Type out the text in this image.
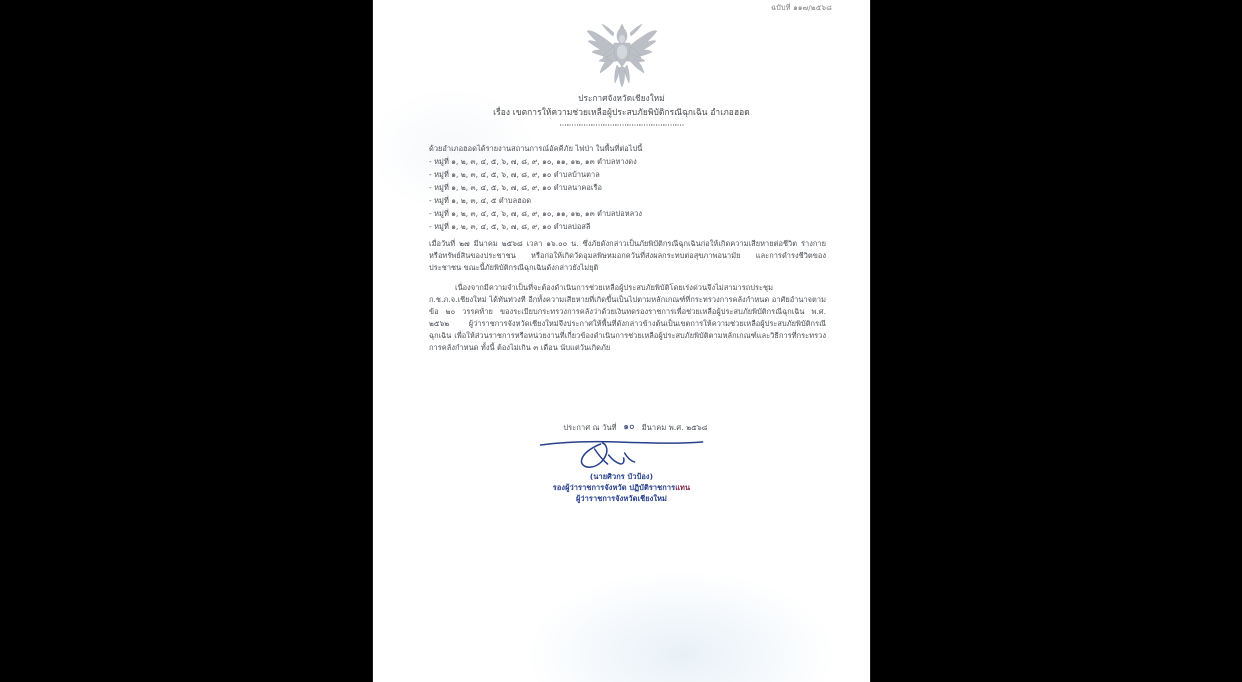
ฉบับที่ ๑๑๗/๒๕๖๘
ประกาศจังหวัดเชียงใหม่
เรื่อง เขตการให้ความช่วยเหลือผู้ประสบภัยพิบัติกรณีฉุกเฉิน อำเภอฮอด

ด้วยอำเภอฮอดได้รายงานสถานการณ์อัคคีภัย ไฟป่า ในพื้นที่ต่อไปนี้

- หมู่ที่ ๑, ๒, ๓, ๔, ๕, ๖, ๗, ๘, ๙, ๑๐, ๑๑, ๑๒, ๑๓ ตำบลหางดง
- หมู่ที่ ๑, ๒, ๓, ๔, ๕, ๖, ๗, ๘, ๙, ๑๐ ตำบลบ้านตาล
- หมู่ที่ ๑, ๒, ๓, ๔, ๕, ๖, ๗, ๘, ๙, ๑๐ ตำบลนาคอเรือ
- หมู่ที่ ๑, ๒, ๓, ๔, ๕ ตำบลฮอด
- หมู่ที่ ๑, ๒, ๓, ๔, ๕, ๖, ๗, ๘, ๙, ๑๐, ๑๑, ๑๒, ๑๓ ตำบลบ่อหลวง
- หมู่ที่ ๑, ๒, ๓, ๔, ๕, ๖, ๗, ๘, ๙, ๑๐ ตำบลบ่อสลี

เมื่อวันที่ ๒๗ มีนาคม ๒๕๖๘ เวลา ๑๖.๐๐ น. ซึ่งภัยดังกล่าวเป็นภัยพิบัติกรณีฉุกเฉินก่อให้เกิดความเสียหายต่อชีวิต ร่างกาย หรือทรัพย์สินของประชาชน หรือก่อให้เกิดวัดอุมลพิษหมอกควันที่ส่งผลกระทบต่อสุขภาพอนามัย และการดำรงชีวิตของประชาชน ขณะนี้ภัยพิบัติกรณีฉุกเฉินดังกล่าวยังไม่ยุติ

เนื่องจากมีความจำเป็นที่จะต้องดำเนินการช่วยเหลือผู้ประสบภัยพิบัติโดยเร่งด่วนจึงไม่สามารถประชุม ก.ช.ภ.จ.เชียงใหม่ ได้ทันท่วงที อีกทั้งความเสียหายที่เกิดขึ้นเป็นไปตามหลักเกณฑ์ที่กระทรวงการคลังกำหนด อาศัยอำนาจตามข้อ ๒๐ วรรคท้าย ของระเบียบกระทรวงการคลังว่าด้วยเงินทดรองราชการเพื่อช่วยเหลือผู้ประสบภัยพิบัติกรณีฉุกเฉิน พ.ศ. ๒๕๖๒ ผู้ว่าราชการจังหวัดเชียงใหม่จึงประกาศให้พื้นที่ดังกล่าวข้างต้นเป็นเขตการให้ความช่วยเหลือผู้ประสบภัยพิบัติกรณีฉุกเฉิน เพื่อให้ส่วนราชการหรือหน่วยงานที่เกี่ยวข้องดำเนินการช่วยเหลือผู้ประสบภัยพิบัติตามหลักเกณฑ์และวิธีการที่กระทรวงการคลังกำหนด ทั้งนี้ ต้องไม่เกิน ๓ เดือน นับแต่วันเกิดภัย

ประกาศ ณ วันที่ ๑๐ มีนาคม พ.ศ. ๒๕๖๘
(นายศิวกร บัวป้อง)
รองผู้ว่าราชการจังหวัด ปฏิบัติราชการแทน
ผู้ว่าราชการจังหวัดเชียงใหม่
